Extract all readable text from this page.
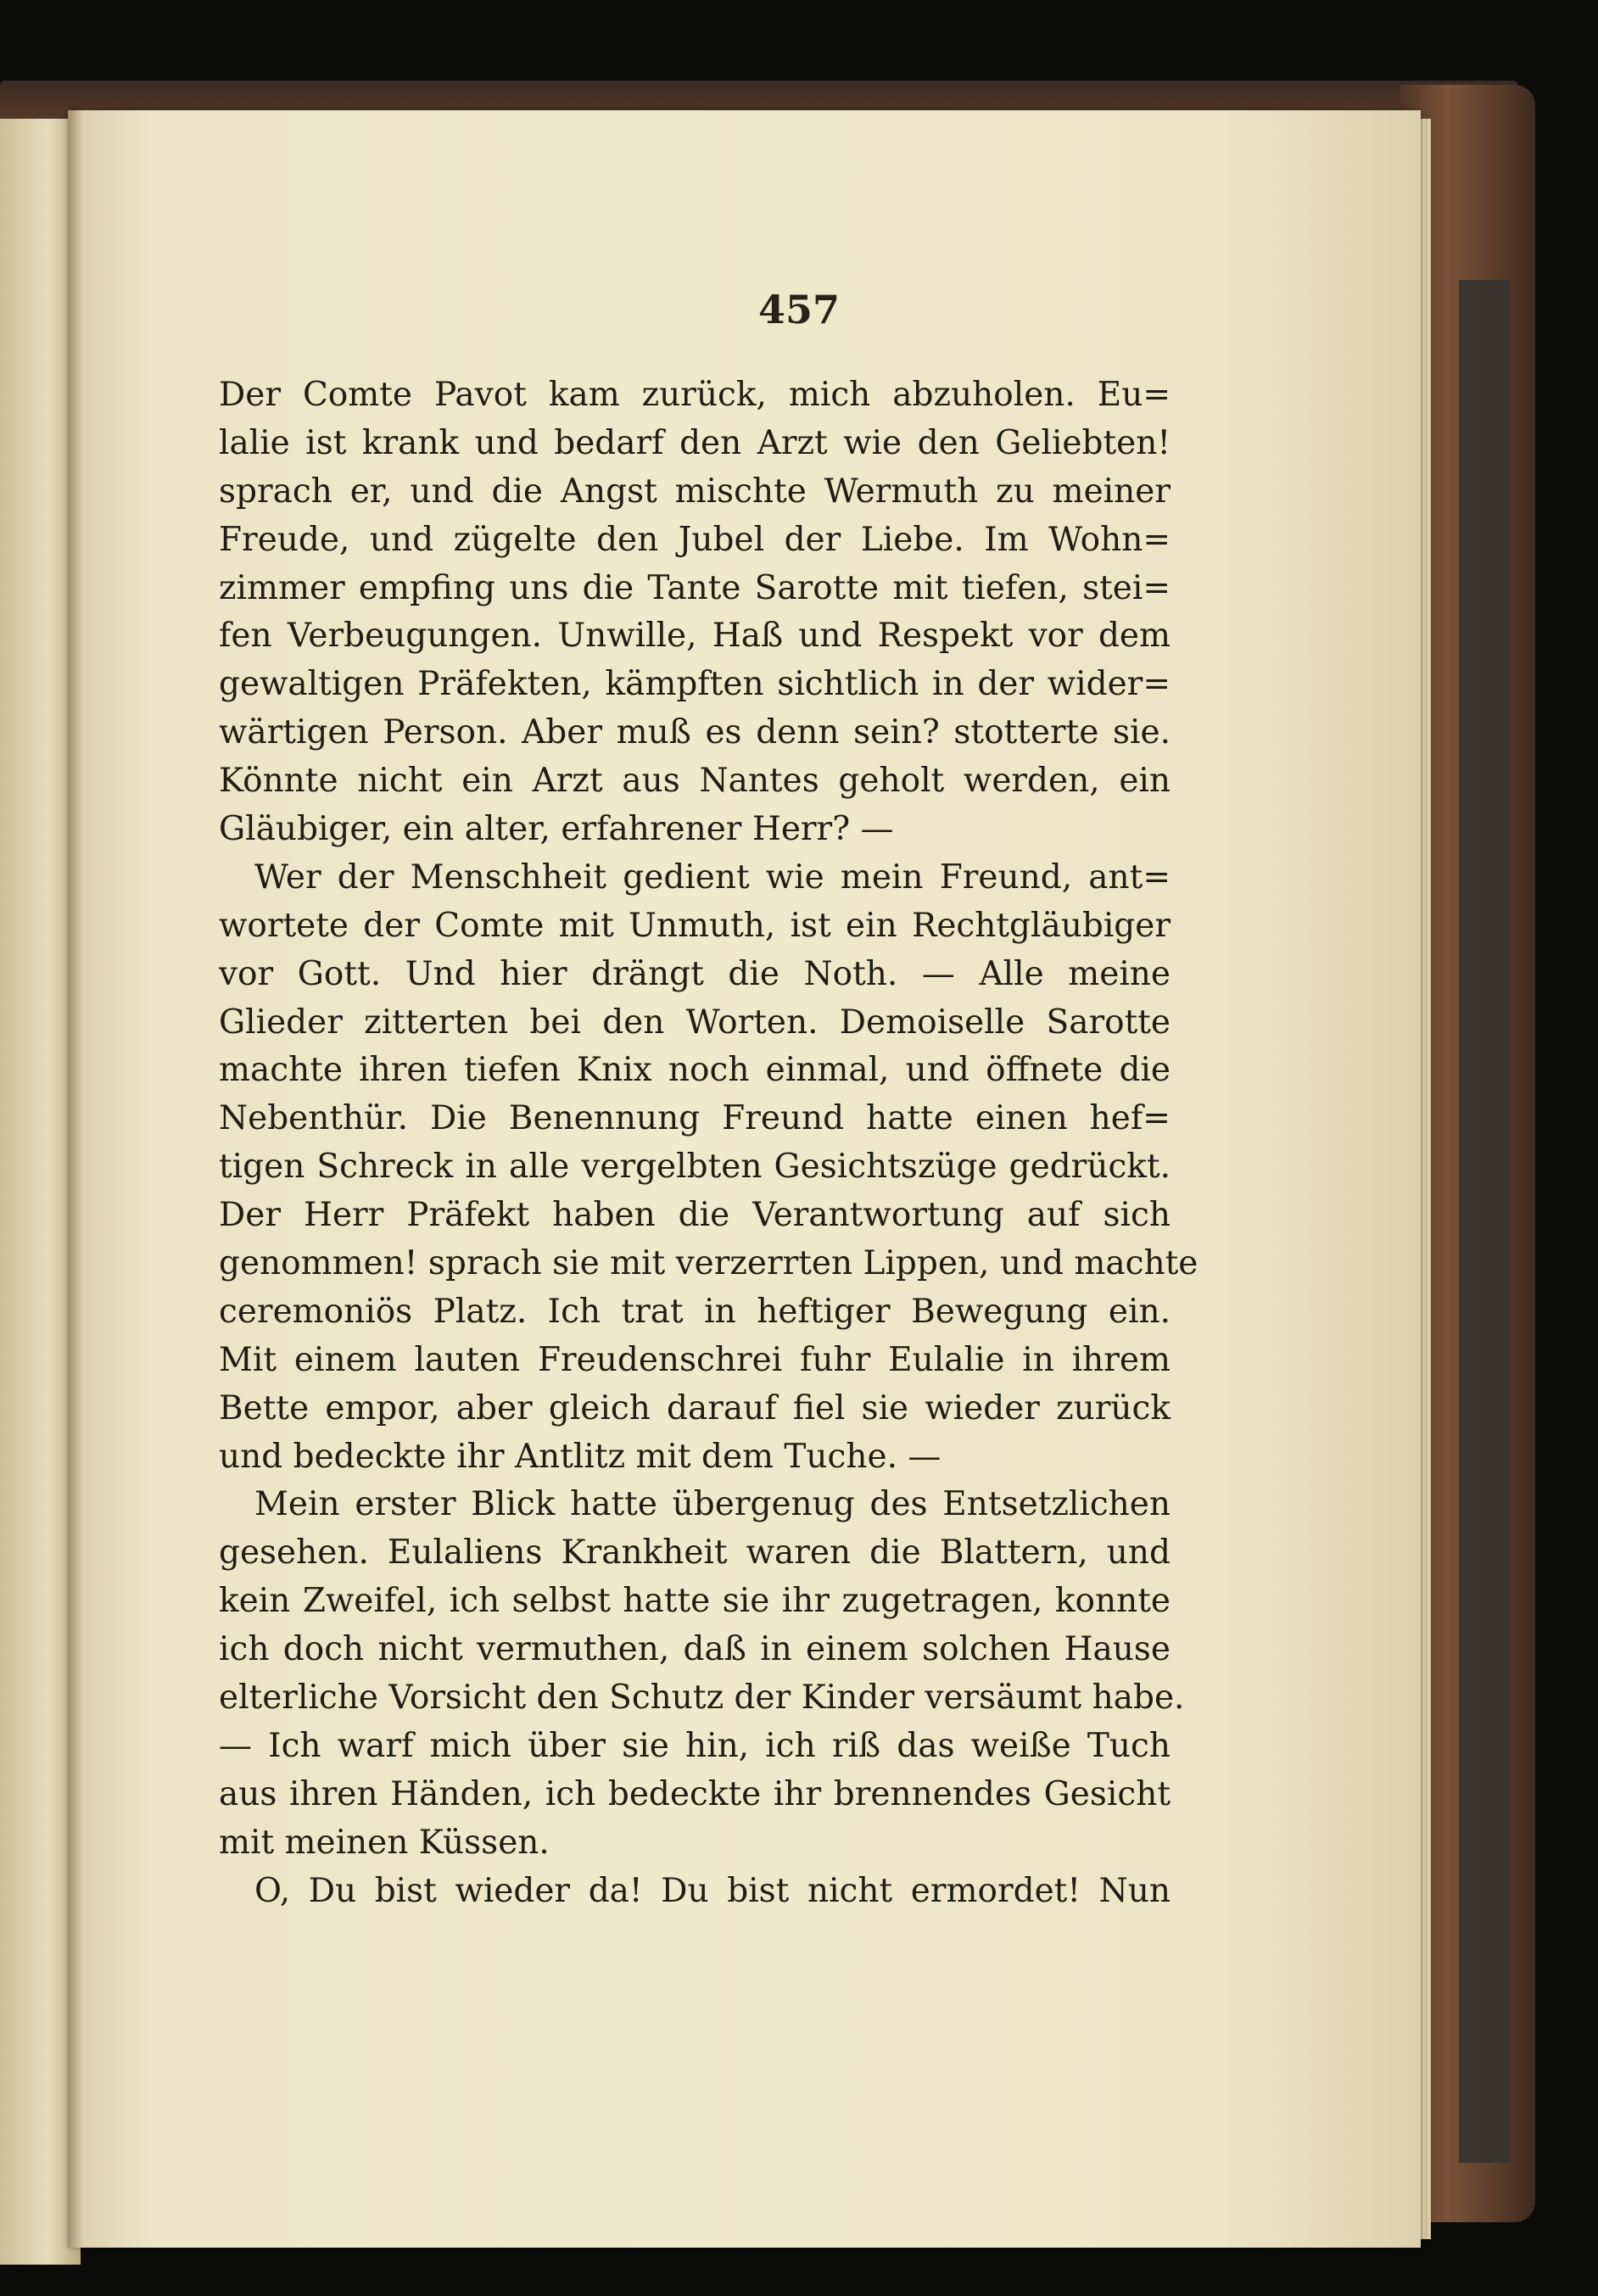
457
Der Comte Pavot kam zurück, mich abzuholen. Eu=
lalie ist krank und bedarf den Arzt wie den Geliebten!
sprach er, und die Angst mischte Wermuth zu meiner
Freude, und zügelte den Jubel der Liebe. Im Wohn=
zimmer empfing uns die Tante Sarotte mit tiefen, stei=
fen Verbeugungen. Unwille, Haß und Respekt vor dem
gewaltigen Präfekten, kämpften sichtlich in der wider=
wärtigen Person. Aber muß es denn sein? stotterte sie.
Könnte nicht ein Arzt aus Nantes geholt werden, ein
Gläubiger, ein alter, erfahrener Herr? —
Wer der Menschheit gedient wie mein Freund, ant=
wortete der Comte mit Unmuth, ist ein Rechtgläubiger
vor Gott. Und hier drängt die Noth. — Alle meine
Glieder zitterten bei den Worten. Demoiselle Sarotte
machte ihren tiefen Knix noch einmal, und öffnete die
Nebenthür. Die Benennung Freund hatte einen hef=
tigen Schreck in alle vergelbten Gesichtszüge gedrückt.
Der Herr Präfekt haben die Verantwortung auf sich
genommen! sprach sie mit verzerrten Lippen, und machte
ceremoniös Platz. Ich trat in heftiger Bewegung ein.
Mit einem lauten Freudenschrei fuhr Eulalie in ihrem
Bette empor, aber gleich darauf fiel sie wieder zurück
und bedeckte ihr Antlitz mit dem Tuche. —
Mein erster Blick hatte übergenug des Entsetzlichen
gesehen. Eulaliens Krankheit waren die Blattern, und
kein Zweifel, ich selbst hatte sie ihr zugetragen, konnte
ich doch nicht vermuthen, daß in einem solchen Hause
elterliche Vorsicht den Schutz der Kinder versäumt habe.
— Ich warf mich über sie hin, ich riß das weiße Tuch
aus ihren Händen, ich bedeckte ihr brennendes Gesicht
mit meinen Küssen.
O, Du bist wieder da! Du bist nicht ermordet! Nun
